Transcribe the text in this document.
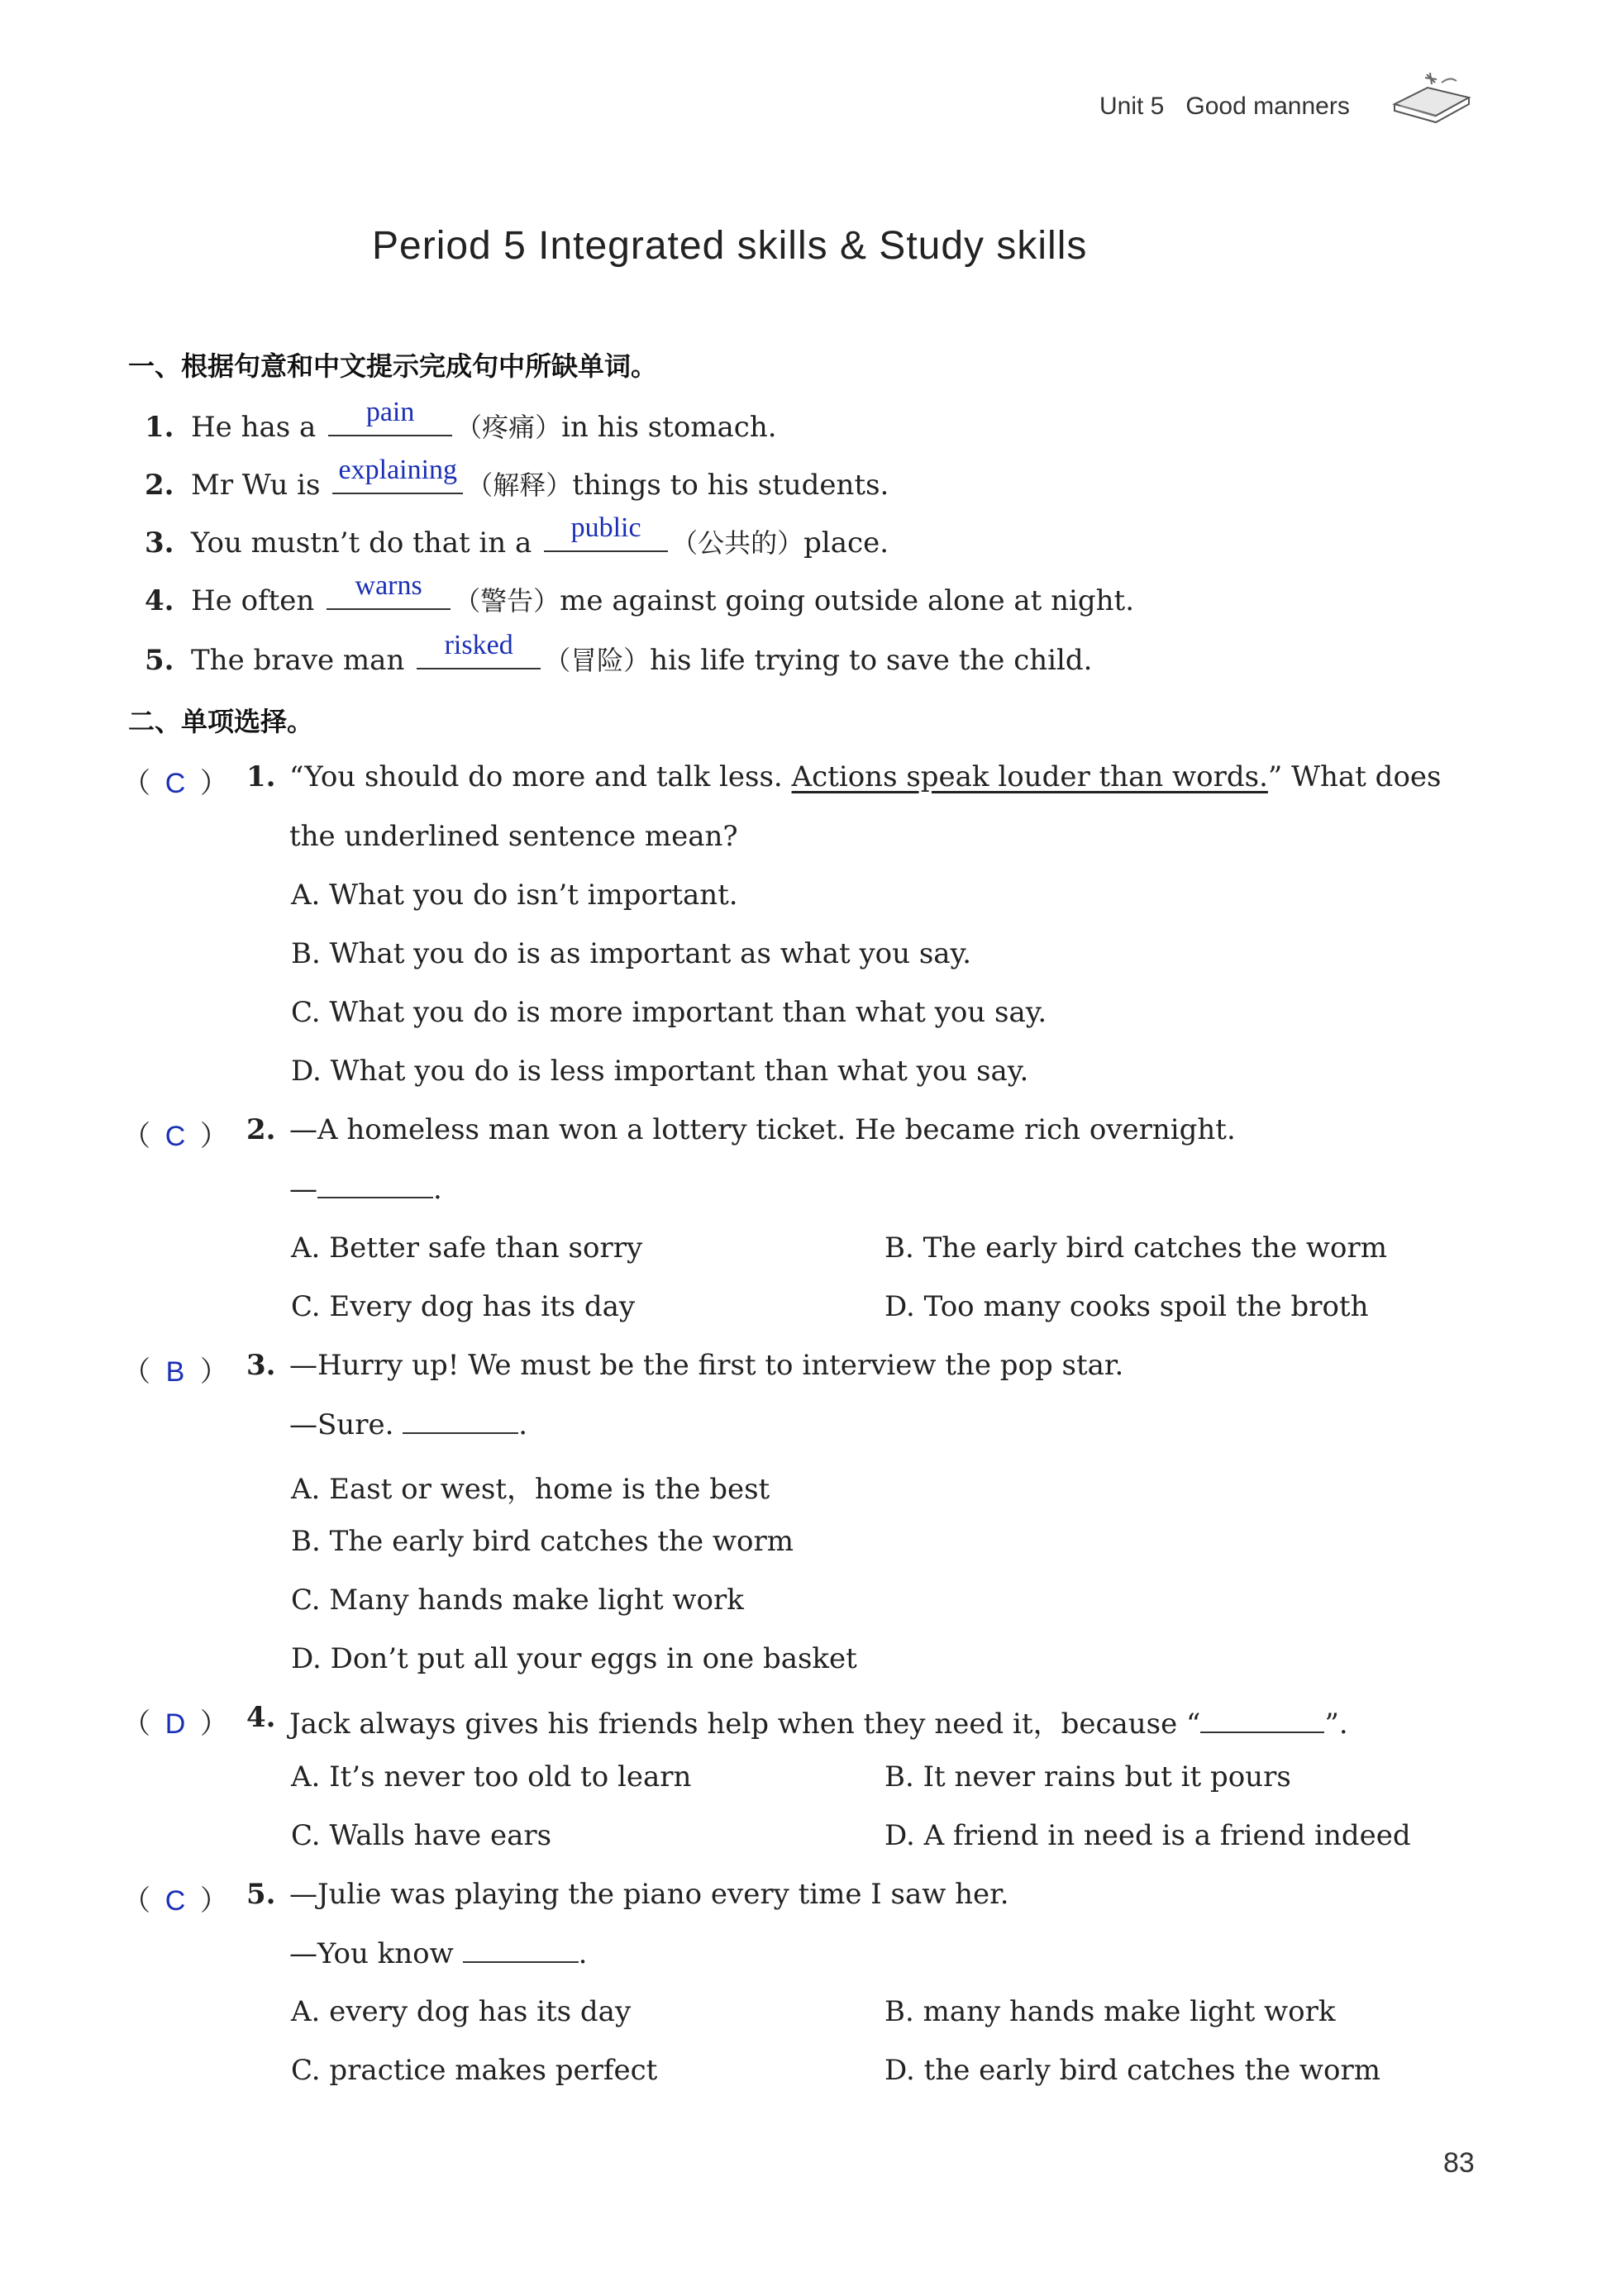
Unit 5 Good manners
Period 5 Integrated skills & Study skills
一、根据句意和中文提示完成句中所缺单词。
1. He has a	pain	（疼痛）in his stomach.
2. Mr Wu is explaining （解释）things to his students.
3. You mustn’t do that in a	public	（公共的）place.
4. He often	warns	（警告）me against going outside alone at night.
5. The brave man	risked	（冒险）his life trying to save the child.
二、单项选择。
（ C ） 1. “You should do more and talk less. Actions speak louder than words.” What does
the underlined sentence mean?
A. What you do isn’t important.
B. What you do is as important as what you say.
C. What you do is more important than what you say.
D. What you do is less important than what you say.
（ C ） 2. —A homeless man won a lottery ticket. He became rich overnight.
—	.
A. Better safe than sorry	B. The early bird catches the worm
C. Every dog has its day	D. Too many cooks spoil the broth
（ B ） 3. —Hurry up! We must be the first to interview the pop star.
—Sure.	.
A. East or west，home is the best
B. The early bird catches the worm
C. Many hands make light work
D. Don’t put all your eggs in one basket
（ D ） 4. Jack always gives his friends help when they need it，because “	”.
A. It’s never too old to learn	B. It never rains but it pours
C. Walls have ears	D. A friend in need is a friend indeed
（ C ） 5. —Julie was playing the piano every time I saw her.
—You know	.
A. every dog has its day	B. many hands make light work
C. practice makes perfect	D. the early bird catches the worm
83
